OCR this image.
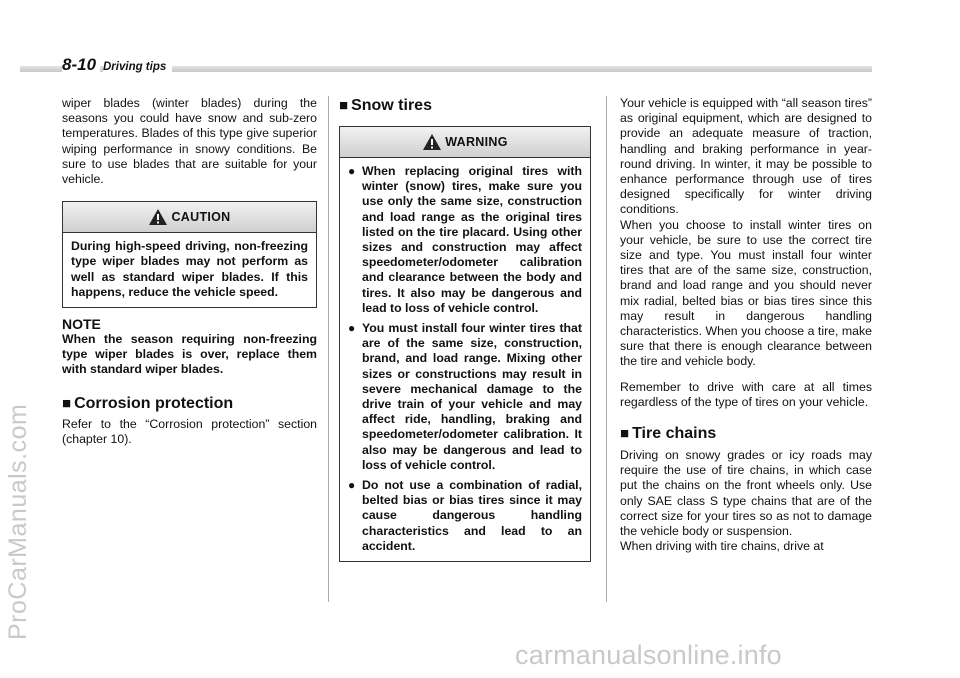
8-10 Driving tips

wiper blades (winter blades) during the seasons you could have snow and sub-zero temperatures. Blades of this type give superior wiping performance in snowy conditions. Be sure to use blades that are suitable for your vehicle.

CAUTION

During high-speed driving, non-freezing type wiper blades may not perform as well as standard wiper blades. If this happens, reduce the vehicle speed.

NOTE

When the season requiring non-freezing type wiper blades is over, replace them with standard wiper blades.

■ Corrosion protection

Refer to the “Corrosion protection” section (chapter 10).

■ Snow tires

WARNING
● When replacing original tires with winter (snow) tires, make sure you use only the same size, construction and load range as the original tires listed on the tire placard. Using other sizes and construction may affect speedometer/odometer calibration and clearance between the body and tires. It also may be dangerous and lead to loss of vehicle control.
● You must install four winter tires that are of the same size, construction, brand, and load range. Mixing other sizes or constructions may result in severe mechanical damage to the drive train of your vehicle and may affect ride, handling, braking and speedometer/odometer calibration. It also may be dangerous and lead to loss of vehicle control.
● Do not use a combination of radial, belted bias or bias tires since it may cause dangerous handling characteristics and lead to an accident.

Your vehicle is equipped with “all season tires” as original equipment, which are designed to provide an adequate measure of traction, handling and braking performance in year-round driving. In winter, it may be possible to enhance performance through use of tires designed specifically for winter driving conditions.

When you choose to install winter tires on your vehicle, be sure to use the correct tire size and type. You must install four winter tires that are of the same size, construction, brand and load range and you should never mix radial, belted bias or bias tires since this may result in dangerous handling characteristics. When you choose a tire, make sure that there is enough clearance between the tire and vehicle body.

Remember to drive with care at all times regardless of the type of tires on your vehicle.

■ Tire chains

Driving on snowy grades or icy roads may require the use of tire chains, in which case put the chains on the front wheels only. Use only SAE class S type chains that are of the correct size for your tires so as not to damage the vehicle body or suspension.

When driving with tire chains, drive at

ProCarManuals.com
carmanualsonline.info
